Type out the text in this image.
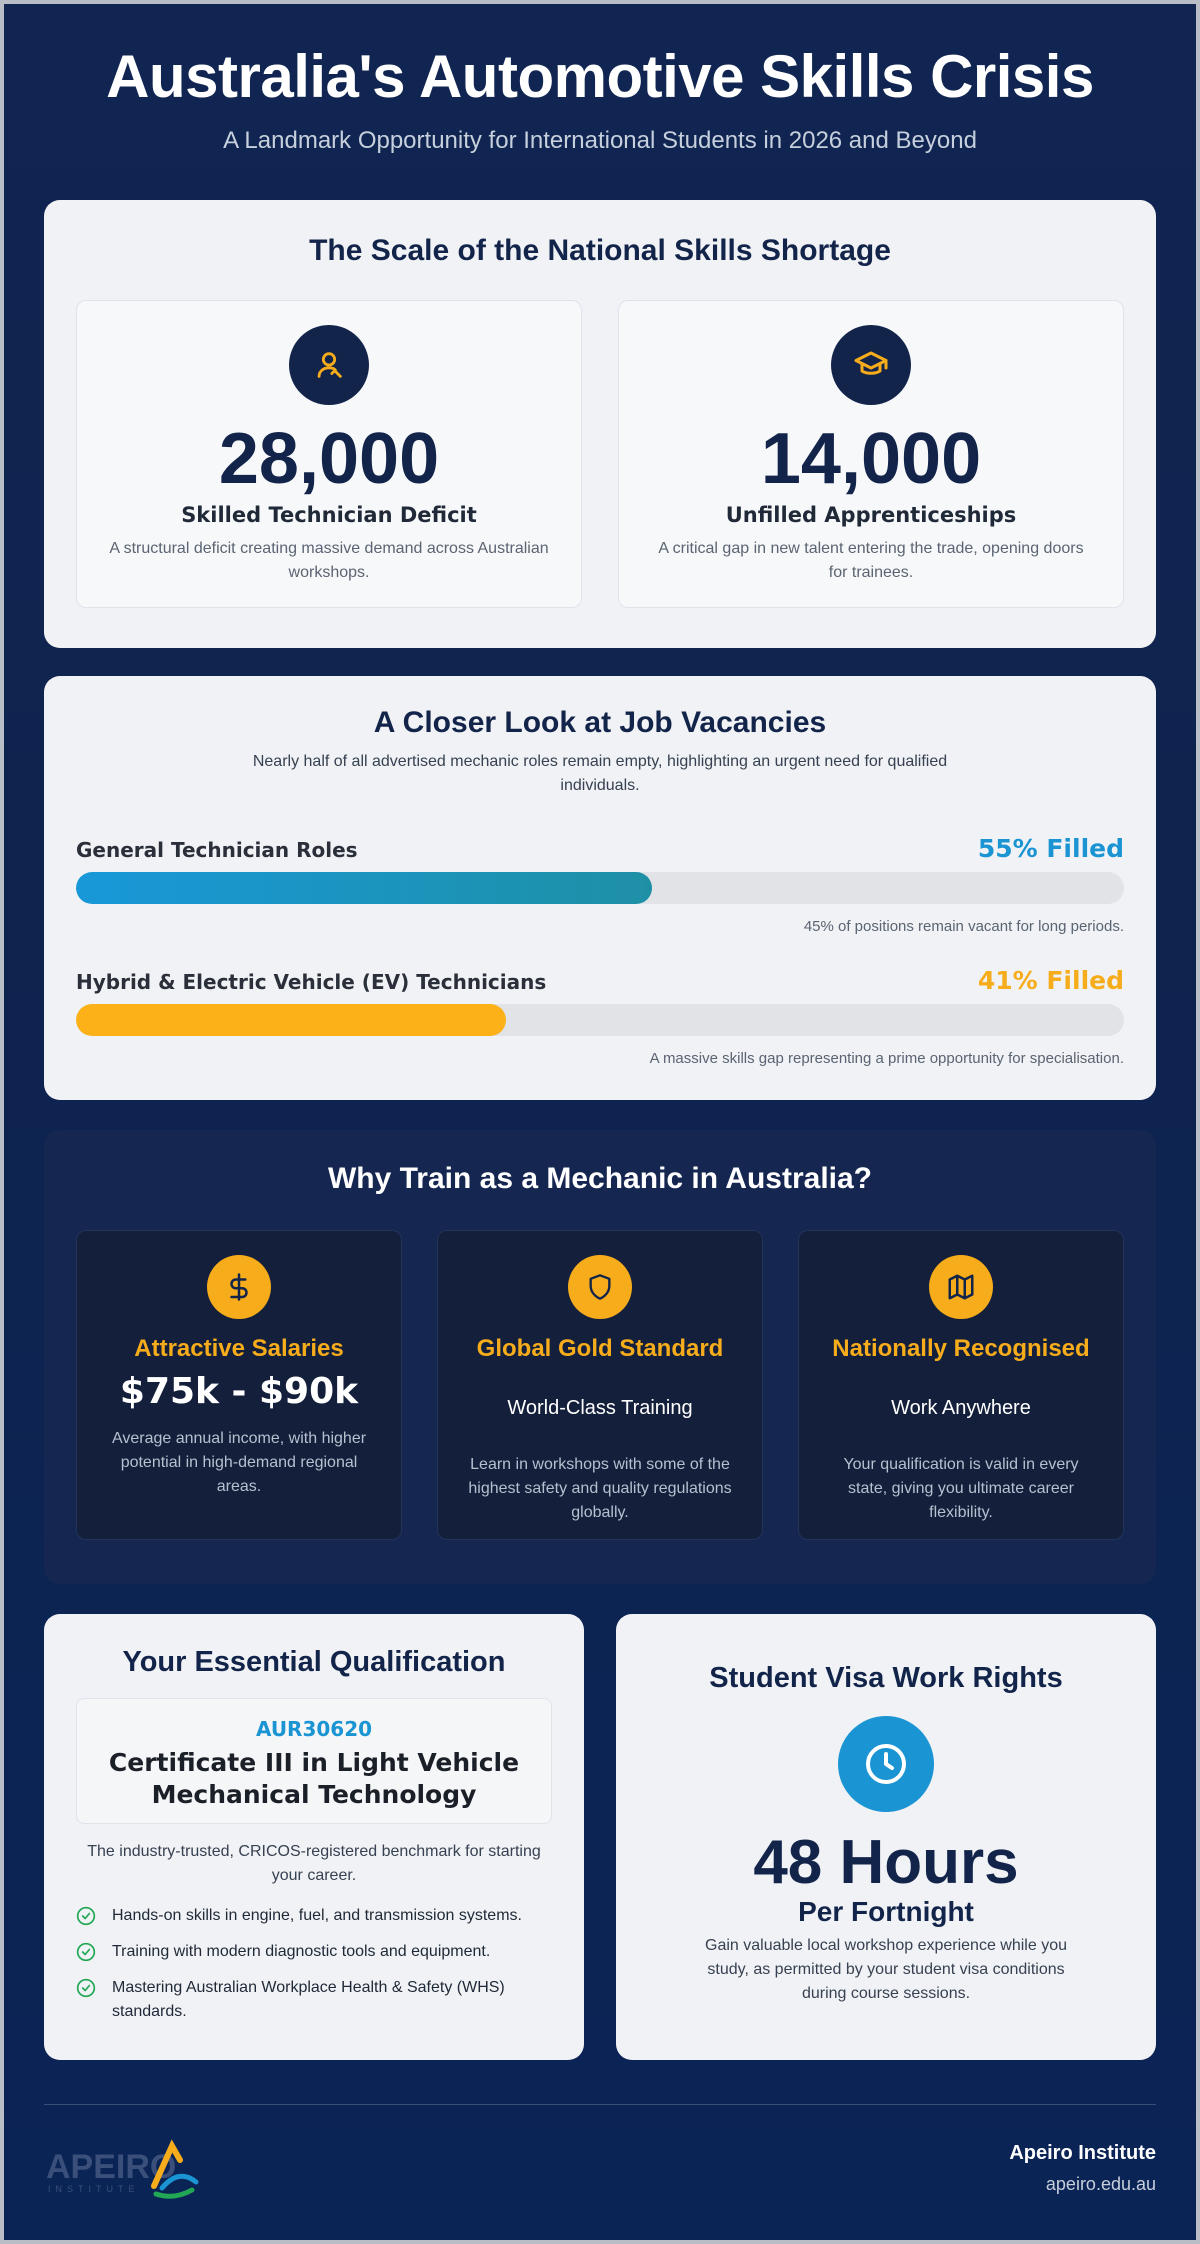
Australia's Automotive Skills Crisis
A Landmark Opportunity for International Students in 2026 and Beyond
The Scale of the National Skills Shortage
28,000
Skilled Technician Deficit
A structural deficit creating massive demand across Australian workshops.
14,000
Unfilled Apprenticeships
A critical gap in new talent entering the trade, opening doors for trainees.
A Closer Look at Job Vacancies
Nearly half of all advertised mechanic roles remain empty, highlighting an urgent need for qualified individuals.
General Technician Roles	55% Filled
45% of positions remain vacant for long periods.
Hybrid & Electric Vehicle (EV) Technicians	41% Filled
A massive skills gap representing a prime opportunity for specialisation.
Why Train as a Mechanic in Australia?
Attractive Salaries
$75k - $90k
Average annual income, with higher potential in high-demand regional areas.
Global Gold Standard
World-Class Training
Learn in workshops with some of the highest safety and quality regulations globally.
Nationally Recognised
Work Anywhere
Your qualification is valid in every state, giving you ultimate career flexibility.
Your Essential Qualification
AUR30620
Certificate III in Light Vehicle Mechanical Technology
The industry-trusted, CRICOS-registered benchmark for starting your career.
Hands-on skills in engine, fuel, and transmission systems.
Training with modern diagnostic tools and equipment.
Mastering Australian Workplace Health & Safety (WHS) standards.
Student Visa Work Rights
48 Hours
Per Fortnight
Gain valuable local workshop experience while you study, as permitted by your student visa conditions during course sessions.
APEIRO
INSTITUTE
Apeiro Institute
apeiro.edu.au
